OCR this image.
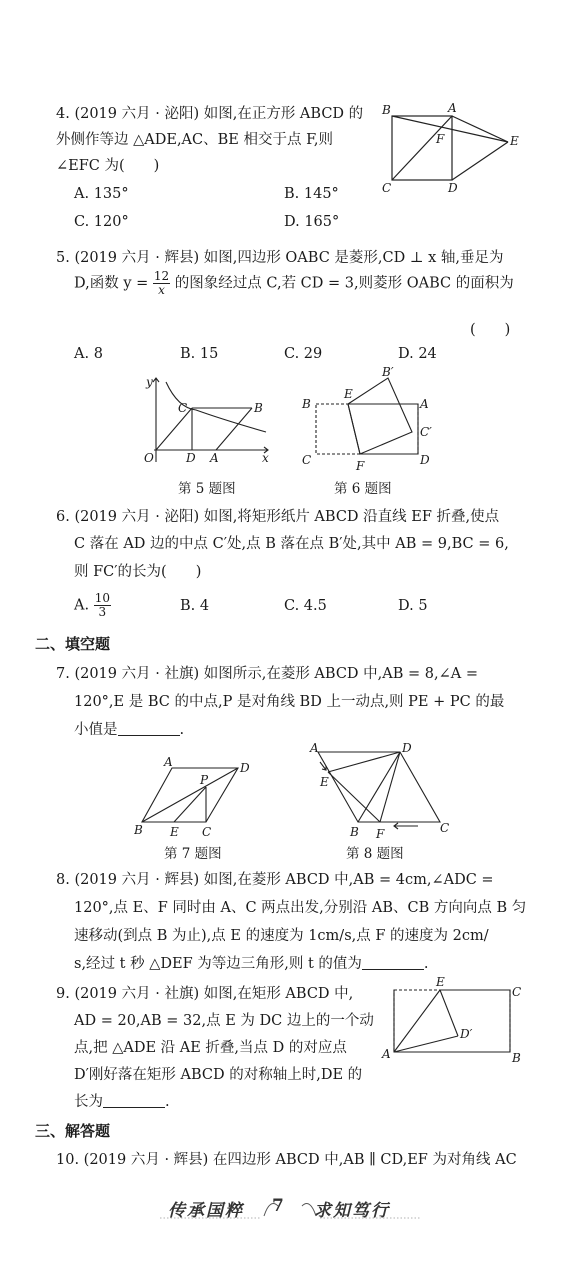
4. (2019 六月 · 泌阳) 如图,在正方形 ABCD 的
外侧作等边 △ADE,AC、BE 相交于点 F,则
∠EFC 为(　　)
A. 135°	B. 145°
C. 120°	D. 165°
B	A
E
F
C	D
5. (2019 六月 · 辉县) 如图,四边形 OABC 是菱形,CD ⊥ x 轴,垂足为
D,函数 $y = \frac{12}{x}$ 的图象经过点 C,若 CD = 3,则菱形 OABC 的面积为
(　　)
A. 8	B. 15	C. 29	D. 24
y
C	B
O	D A	x
第 5 题图
B
E
B′
A
C′
C	F	D
第 6 题图
6. (2019 六月 · 泌阳) 如图,将矩形纸片 ABCD 沿直线 EF 折叠,使点
C 落在 AD 边的中点 C′处,点 B 落在点 B′处,其中 AB = 9,BC = 6,
则 FC′的长为(　　)
A. $\frac{10}{3}$	B. 4	C. 4.5	D. 5
二、填空题
7. (2019 六月 · 社旗) 如图所示,在菱形 ABCD 中,AB = 8,∠A =
120°,E 是 BC 的中点,P 是对角线 BD 上一动点,则 PE + PC 的最
小值是	.
A	D
P
B E C
第 7 题图
A	D
E
B F	C
第 8 题图
8. (2019 六月 · 辉县) 如图,在菱形 ABCD 中,AB = 4cm,∠ADC =
120°,点 E、F 同时由 A、C 两点出发,分别沿 AB、CB 方向向点 B 匀
速移动(到点 B 为止),点 E 的速度为 1cm/s,点 F 的速度为 2cm/
s,经过 t 秒 △DEF 为等边三角形,则 t 的值为	.
9. (2019 六月 · 社旗) 如图,在矩形 ABCD 中,
AD = 20,AB = 32,点 E 为 DC 边上的一个动
点,把 △ADE 沿 AE 折叠,当点 D 的对应点
D′刚好落在矩形 ABCD 的对称轴上时,DE 的
长为	.
E
C
D′
A	B
三、解答题
10. (2019 六月 · 辉县) 在四边形 ABCD 中,AB ∥ CD,EF 为对角线 AC
传承国粹 7 求知笃行
